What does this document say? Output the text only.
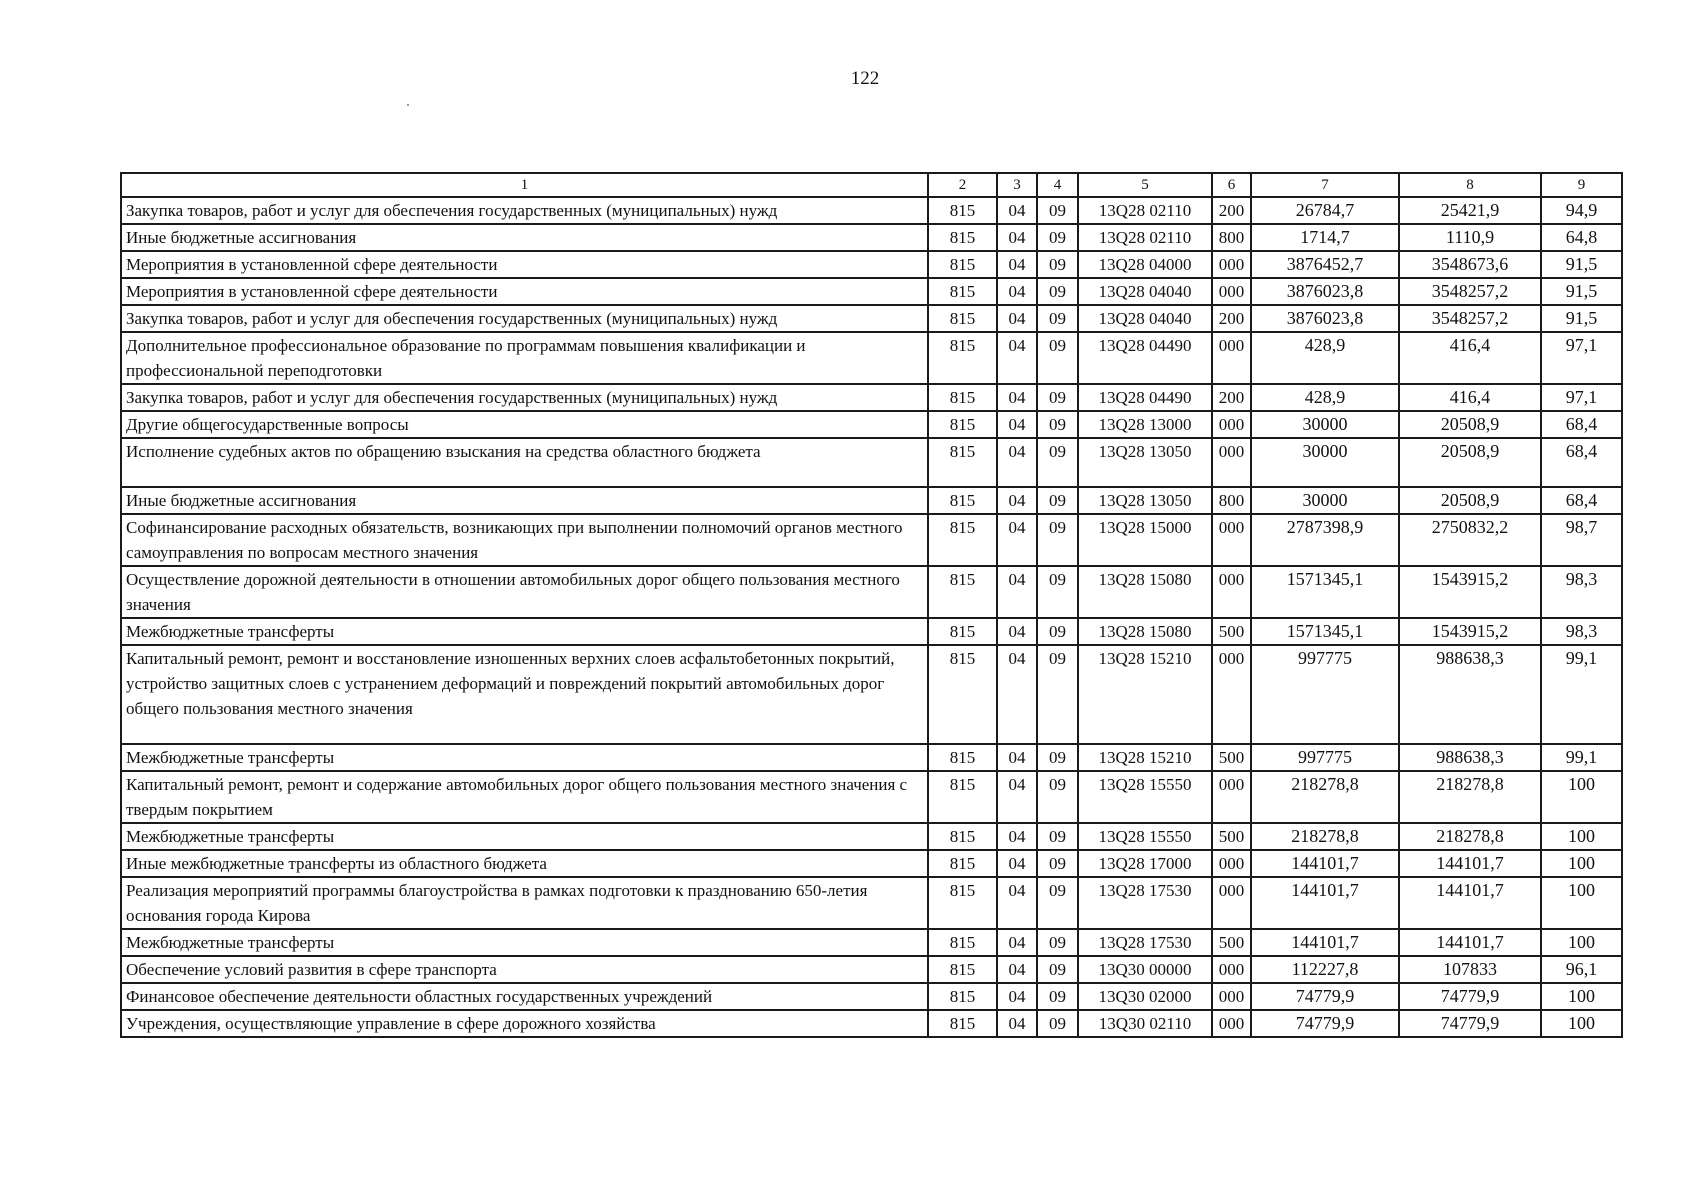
122
1	2	3	4	5	6	7	8	9
Закупка товаров, работ и услуг для обеспечения государственных (муниципальных) нужд	815	04	09	13Q28 02110	200	26784,7	25421,9	94,9
Иные бюджетные ассигнования	815	04	09	13Q28 02110	800	1714,7	1110,9	64,8
Мероприятия в установленной сфере деятельности	815	04	09	13Q28 04000	000	3876452,7	3548673,6	91,5
Мероприятия в установленной сфере деятельности	815	04	09	13Q28 04040	000	3876023,8	3548257,2	91,5
Закупка товаров, работ и услуг для обеспечения государственных (муниципальных) нужд	815	04	09	13Q28 04040	200	3876023,8	3548257,2	91,5
Дополнительное профессиональное образование по программам повышения квалификации и профессиональной переподготовки	815	04	09	13Q28 04490	000	428,9	416,4	97,1
Закупка товаров, работ и услуг для обеспечения государственных (муниципальных) нужд	815	04	09	13Q28 04490	200	428,9	416,4	97,1
Другие общегосударственные вопросы	815	04	09	13Q28 13000	000	30000	20508,9	68,4
Исполнение судебных актов по обращению взыскания на средства областного бюджета	815	04	09	13Q28 13050	000	30000	20508,9	68,4
Иные бюджетные ассигнования	815	04	09	13Q28 13050	800	30000	20508,9	68,4
Софинансирование расходных обязательств, возникающих при выполнении полномочий органов местного самоуправления по вопросам местного значения	815	04	09	13Q28 15000	000	2787398,9	2750832,2	98,7
Осуществление дорожной деятельности в отношении автомобильных дорог общего пользования местного значения	815	04	09	13Q28 15080	000	1571345,1	1543915,2	98,3
Межбюджетные трансферты	815	04	09	13Q28 15080	500	1571345,1	1543915,2	98,3
Капитальный ремонт, ремонт и восстановление изношенных верхних слоев асфальтобетонных покрытий, устройство защитных слоев с устранением деформаций и повреждений покрытий автомобильных дорог общего пользования местного значения	815	04	09	13Q28 15210	000	997775	988638,3	99,1
Межбюджетные трансферты	815	04	09	13Q28 15210	500	997775	988638,3	99,1
Капитальный ремонт, ремонт и содержание автомобильных дорог общего пользования местного значения с твердым покрытием	815	04	09	13Q28 15550	000	218278,8	218278,8	100
Межбюджетные трансферты	815	04	09	13Q28 15550	500	218278,8	218278,8	100
Иные межбюджетные трансферты из областного бюджета	815	04	09	13Q28 17000	000	144101,7	144101,7	100
Реализация мероприятий программы благоустройства в рамках подготовки к празднованию 650-летия основания города Кирова	815	04	09	13Q28 17530	000	144101,7	144101,7	100
Межбюджетные трансферты	815	04	09	13Q28 17530	500	144101,7	144101,7	100
Обеспечение условий развития в сфере транспорта	815	04	09	13Q30 00000	000	112227,8	107833	96,1
Финансовое обеспечение деятельности областных государственных учреждений	815	04	09	13Q30 02000	000	74779,9	74779,9	100
Учреждения, осуществляющие управление в сфере дорожного хозяйства	815	04	09	13Q30 02110	000	74779,9	74779,9	100
